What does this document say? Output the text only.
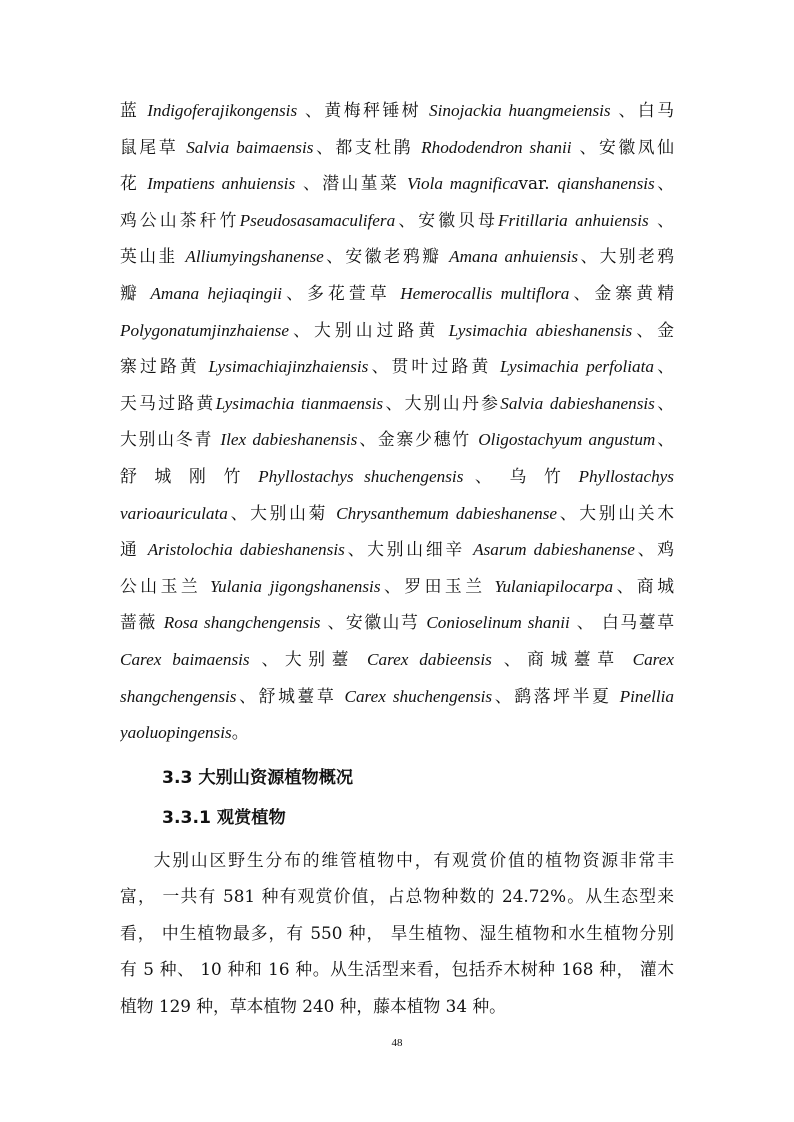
蓝 Indigoferajikongensis 、黄梅秤锤树 Sinojackia huangmeiensis 、白马
鼠尾草 Salvia baimaensis、都支杜鹃 Rhododendron shanii 、安徽凤仙
花 Impatiens anhuiensis 、潜山堇菜 Viola magnificavar. qianshanensis、
鸡公山茶秆竹Pseudosasamaculifera、安徽贝母Fritillaria anhuiensis 、
英山韭 Alliumyingshanense、安徽老鸦瓣 Amana anhuiensis、大别老鸦
瓣 Amana hejiaqingii、多花萱草 Hemerocallis multiflora、金寨黄精
Polygonatumjinzhaiense、大别山过路黄 Lysimachia abieshanensis、金
寨过路黄 Lysimachiajinzhaiensis、贯叶过路黄 Lysimachia perfoliata、
天马过路黄Lysimachia tianmaensis、大别山丹参Salvia dabieshanensis、
大别山冬青 Ilex dabieshanensis、金寨少穗竹 Oligostachyum angustum、
舒 城 刚 竹 Phyllostachys shuchengensis 、 乌 竹 Phyllostachys
varioauriculata、大别山菊 Chrysanthemum dabieshanense、大别山关木
通 Aristolochia dabieshanensis、大别山细辛 Asarum dabieshanense、鸡
公山玉兰 Yulania jigongshanensis、罗田玉兰 Yulaniapilocarpa、商城
蔷薇 Rosa shangchengensis 、安徽山芎 Conioselinum shanii 、 白马薹草
Carex baimaensis 、大别薹 Carex dabieensis 、商城薹草 Carex
shangchengensis、舒城薹草 Carex shuchengensis、鹞落坪半夏 Pinellia
yaoluopingensis。
3.3 大别山资源植物概况
3.3.1 观赏植物
大别山区野生分布的维管植物中，有观赏价值的植物资源非常丰
富， 一共有 581 种有观赏价值，占总物种数的 24.72%。从生态型来
看， 中生植物最多，有 550 种， 旱生植物、湿生植物和水生植物分别
有 5 种、 10 种和 16 种。从生活型来看，包括乔木树种 168 种， 灌木
植物 129 种，草本植物 240 种，藤本植物 34 种。
48
